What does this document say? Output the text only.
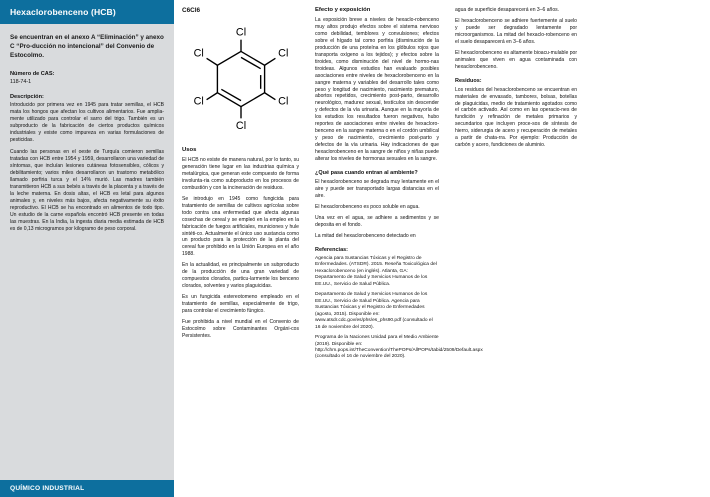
Hexaclorobenceno (HCB)
Se encuentran en el anexo A “Eliminación” y anexo C “Pro-ducción no intencional” del Convenio de Estocolmo.
Número de CAS:
118-74-1
Descripción:

Introducido por primera vez en 1945 para tratar semillas, el HCB mata los hongos que afectan los cultivos alimentarios. Fue amplia-mente utilizado para controlar el sarro del trigo. También es un subproducto de la fabricación de ciertos productos químicos industriales y existe como impureza en varias formulaciones de pesticidas.

Cuando las personas en el oeste de Turquía comieron semillas tratadas con HCB entre 1954 y 1959, desarrollaron una variedad de síntomas, que incluían lesiones cutáneas fotosensibles, cólicos y debilitamiento; varios miles desarrollaron un trastorno metabólico llamado porfiria turca y el 14% murió. Las madres también transmitieron HCB a sus bebés a través de la placenta y a través de la leche materna. En dosis altas, el HCB es letal para algunos animales y, en niveles más bajos, afecta negativamente su éxito reproductivo. El HCB se ha encontrado en alimentos de todo tipo. Un estudio de la carne española encontró HCB presente en todas las muestras. En la India, la ingesta diaria media estimada de HCB es de 0,13 microgramos por kilogramo de peso corporal.

QUÍMICO INDUSTRIAL
C6Cl6
Cl
Cl
Cl
Cl
Cl
Cl
Usos

El HCB no existe de manera natural, por lo tanto, su generación tiene lugar en las industrias química y metalúrgica, que generan este compuesto de forma involunta-ria como subproducto en los procesos de combustión y con la incineración de residuos.

Se introdujo en 1945 como fungicida para tratamiento de semillas de cultivos agrícolas sobre todo contra una enfermedad que afecta algunas cosechas de cereal y se empleó en la empleo en la fabricación de fuegos artificiales, municiones y hule sintéti-co. Actualmente el único uso sustancia como un producto para la protección de la planta del cereal fue prohibido en la Unión Europea en el año 1988.

En la actualidad, es principalmente un subproducto de la producción de una gran variedad de compuestos clorados, particu-larmente los benceno clorados, solventes y varios plaguicidas.

Es un fungicida estereotomeno empleado en el tratamiento de semillas, especialmente de trigo, para controlar el crecimiento fúngico.

Fue prohibida a nivel mundial en el Convenio de Estocolmo sobre Contaminantes Orgáni-cos Persistentes.

Efecto y exposición

La exposición breve a niveles de hexaclo-robenceno muy altos produjo efectos sobre el sistema nervioso como debilidad, temblores y convulsiones; efectos sobre el hígado tal como porfiria (disminución de la producción de una proteína en los glóbulos rojos que transporta oxígeno a los tejidos); y efectos sobre la tiroides, como disminución del nivel de hormo-nas tiroideas. Algunos estudios han evaluado posibles asociaciones entre niveles de hexaclorobenceno en la sangre materna y variables del desarrollo tales como peso y longitud de nacimiento, nacimiento prematuro, abortos repetidos, crecimiento post-parto, desarrollo neurológico, madurez sexual, testículos sin descender y defectos de la vía urinaria. Aunque en la mayoría de los estudios los resultados fueron negativos, hubo reportes de asociaciones entre niveles de hexacloro-benceno en la sangre materna o en el cordón umbilical y peso de nacimiento, crecimiento post-parto y defectos de la vía urinaria. Hay indicaciones de que hexaclorobenceno en la sangre de niños y niñas puede alterar los niveles de hormonas sexuales en la sangre.

¿Qué pasa cuando entran al ambiente?

El hexaclorobenceno se degrada muy lentamente en el aire y puede ser transportado largas distancias en el aire.

El hexaclorobenceno es poco soluble en agua.

Una vez en el agua, se adhiere a sedimentos y se deposita en el fondo.

La mitad del hexaclorobenceno detectado en

Referencias:

Agencia para Sustancias Tóxicas y el Registro de Enfermedades. (ATSDR). 2015. Reseña Toxicológica del Hexaclorobenceno (en inglés). Atlanta, GA: Departamento de Salud y Servicios Humanos de los EE.UU., Servicio de Salud Pública.

Departamento de Salud y Servicios Humanos de los EE.UU., Servicio de Salud Pública. Agencia para Sustancias Tóxicas y el Registro de Enfermedades (agosto, 2015). Disponible en: www.atsdr.cdc.gov/es/phs/es_phs90.pdf (consultado el 16 de noviembre del 2020).

Programa de la Naciones Unidad para el Medio Ambiente (2019). Disponible en: http://chm.pops.int/TheConvention/ThePOPs/AllPOPs/tabid/2509/Default.aspx (consultado el 16 de noviembre del 2020).

agua de superficie desaparecerá en 3–6 años.

El hexaclorobenceno se adhiere fuertemente al suelo y puede ser degradado lentamente por microorganismos. La mitad del hexaclo-robenceno en el suelo desaparecerá en 3–6 años.

El hexaclorobenceno es altamente bioacu-mulable por animales que viven en agua contaminada con hexaclorobenceno.

Residuos:

Los residuos del hexaclorobenceno se encuentran en materiales de envasado, tambores, bolsas, botellas de plaguicidas, medio de tratamiento agotados como el carbón activado. Así como en las operacio-nes de fundición y refinación de metales primarios y secundarios que incluyen proce-sos de síntesis de hierro, siderurgia de acero y recuperación de metales a partir de chata-rra. Por ejemplo: Producción de carbón y acero, fundiciones de aluminio.
